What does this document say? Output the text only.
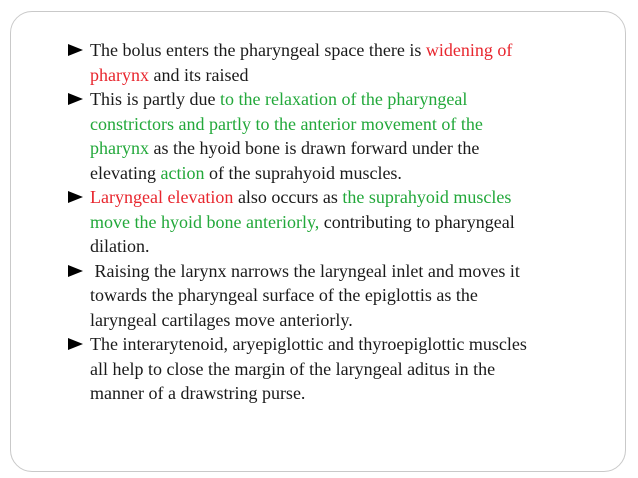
The bolus enters the pharyngeal space there is widening of
pharynx and its raised
This is partly due to the relaxation of the pharyngeal
constrictors and partly to the anterior movement of the
pharynx as the hyoid bone is drawn forward under the
elevating action of the suprahyoid muscles.
Laryngeal elevation also occurs as the suprahyoid muscles
move the hyoid bone anteriorly, contributing to pharyngeal
dilation.
Raising the larynx narrows the laryngeal inlet and moves it
towards the pharyngeal surface of the epiglottis as the
laryngeal cartilages move anteriorly.
The interarytenoid, aryepiglottic and thyroepiglottic muscles
all help to close the margin of the laryngeal aditus in the
manner of a drawstring purse.
